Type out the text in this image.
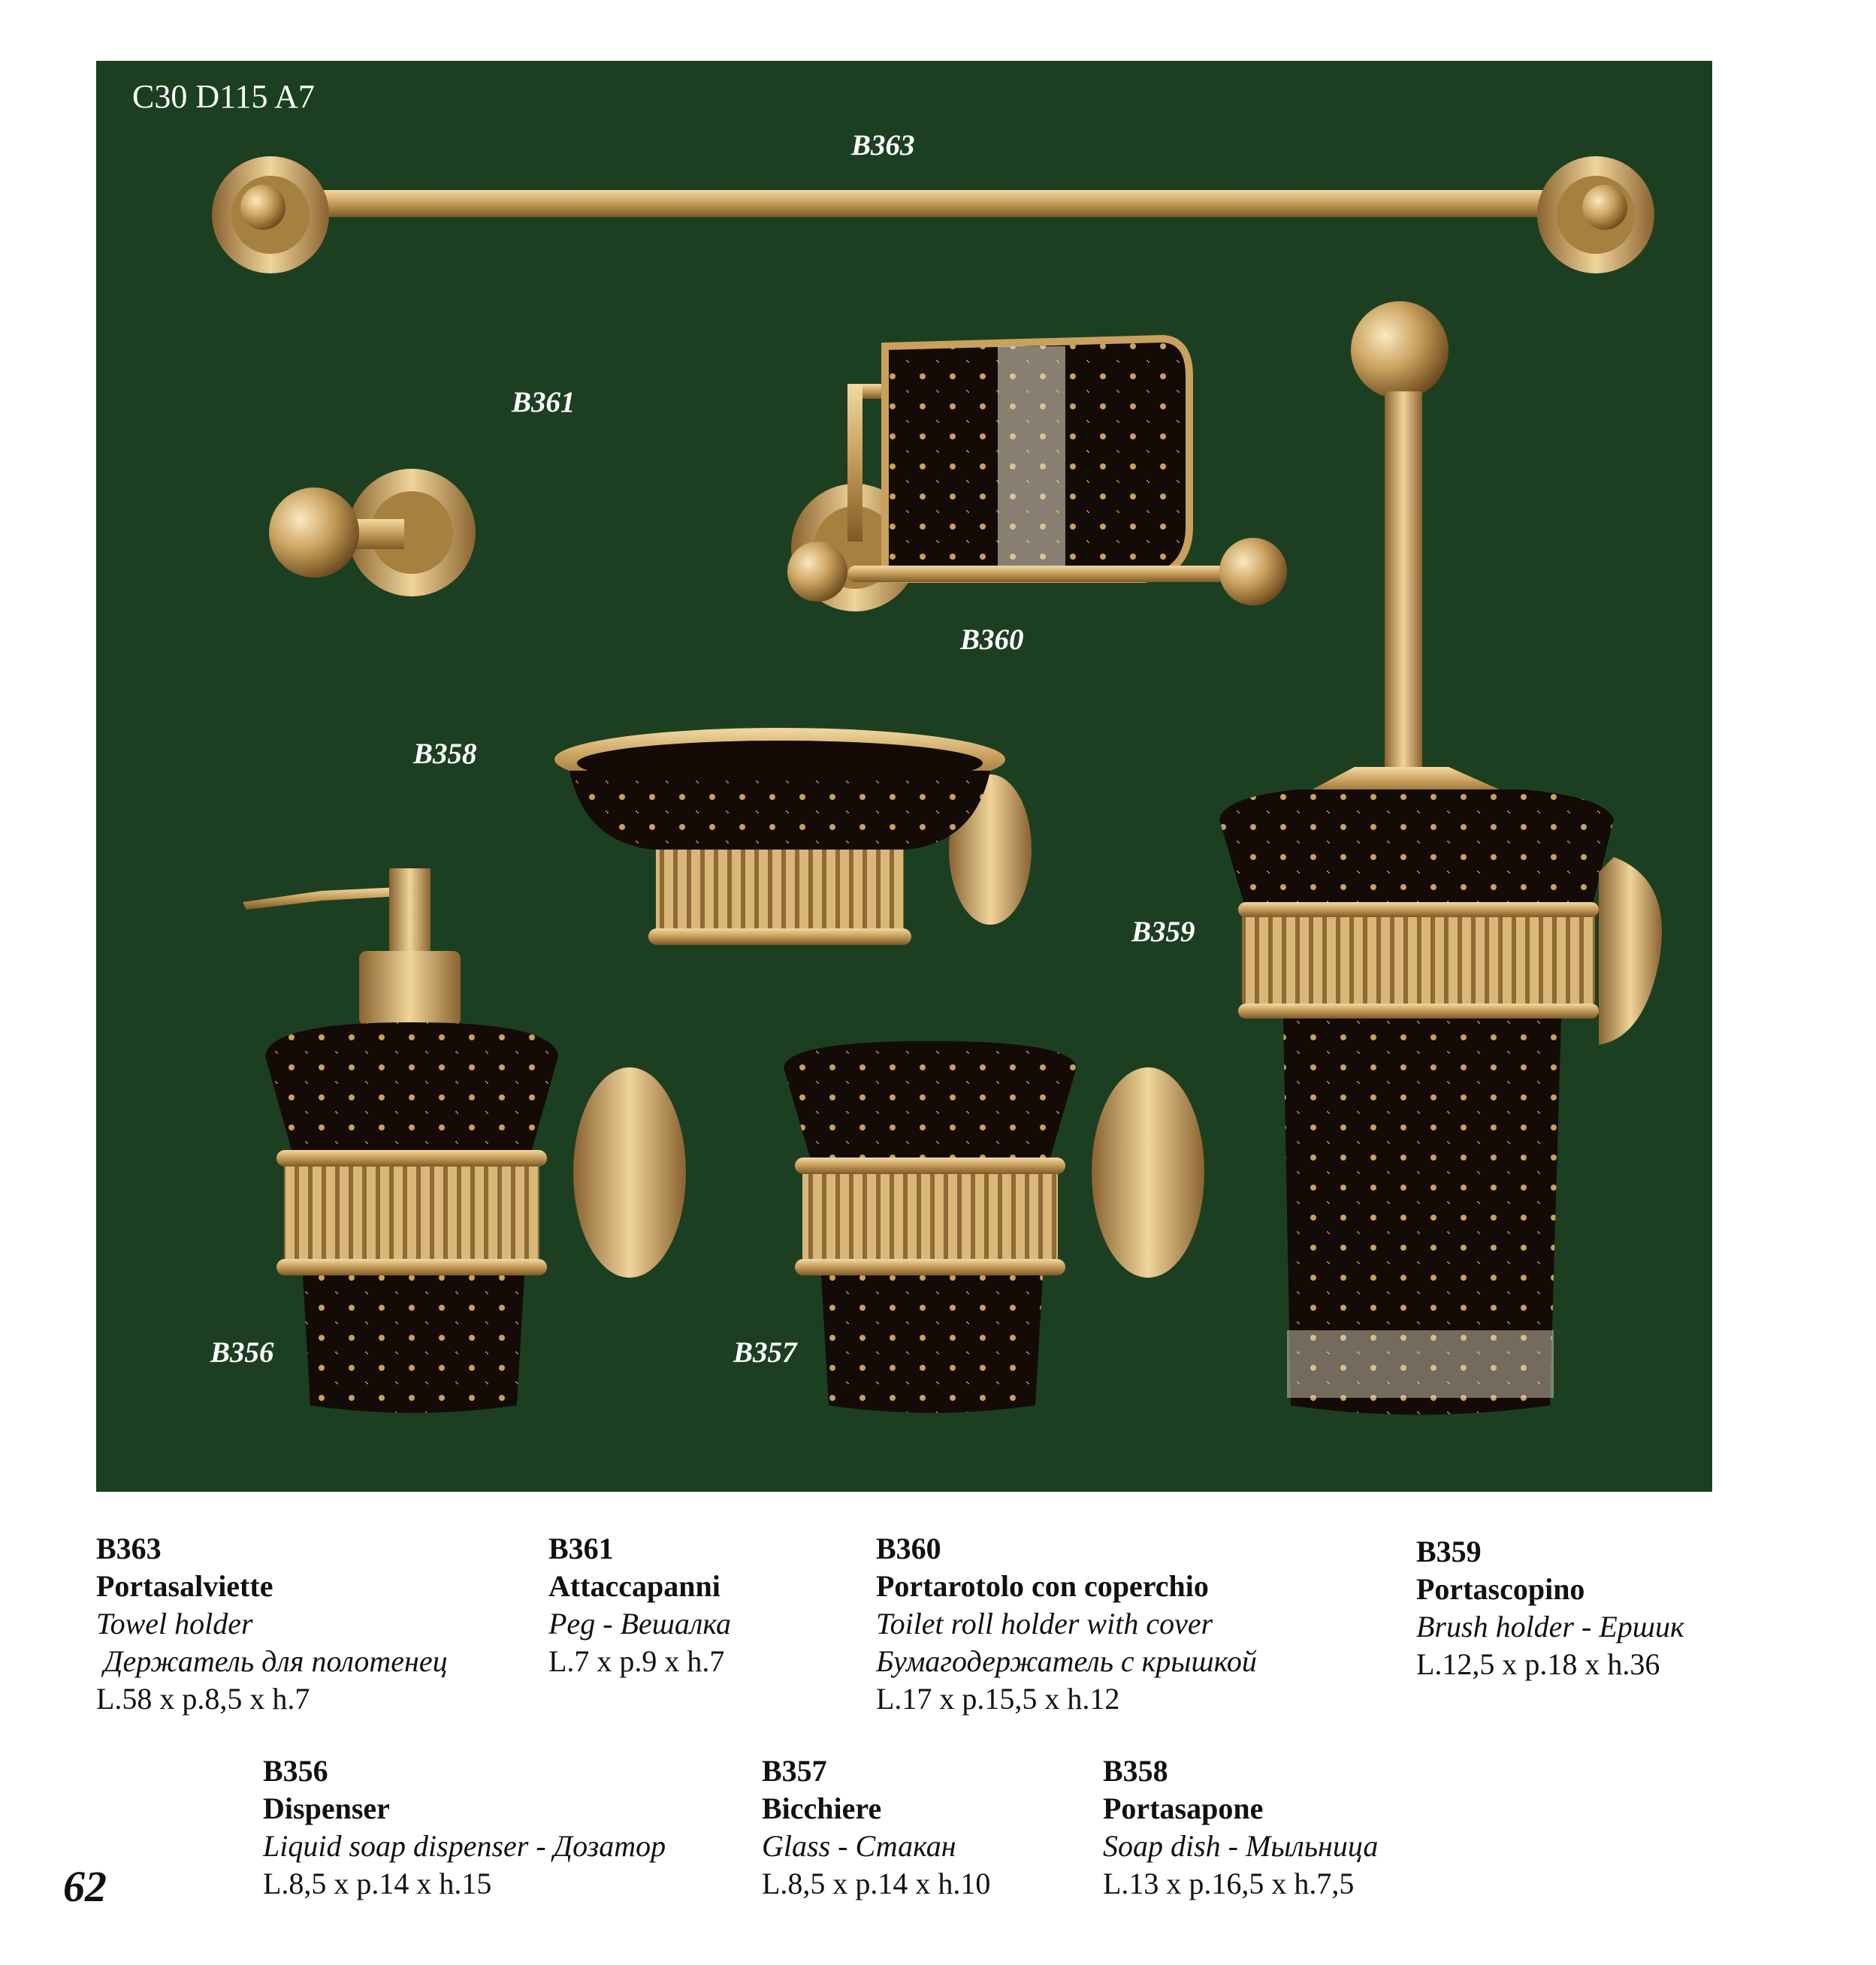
C30 D115 A7
B363
B361
B360
B358
B359
B356	B357
B363
Portasalviette
Towel holder
Держатель для полотенец
L.58 x p.8,5 x h.7
B361
Attaccapanni
Peg - Вешалка
L.7 x p.9 x h.7
B360
Portarotolo con coperchio
Toilet roll holder with cover
Бумагодержатель с крышкой
L.17 x p.15,5 x h.12
B359
Portascopino
Brush holder - Ершик
L.12,5 x p.18 x h.36
B356
Dispenser
Liquid soap dispenser - Дозатор
L.8,5 x p.14 x h.15
B357
Bicchiere
Glass - Стакан
L.8,5 x p.14 x h.10
B358
Portasapone
Soap dish - Мыльница
L.13 x p.16,5 x h.7,5
62
